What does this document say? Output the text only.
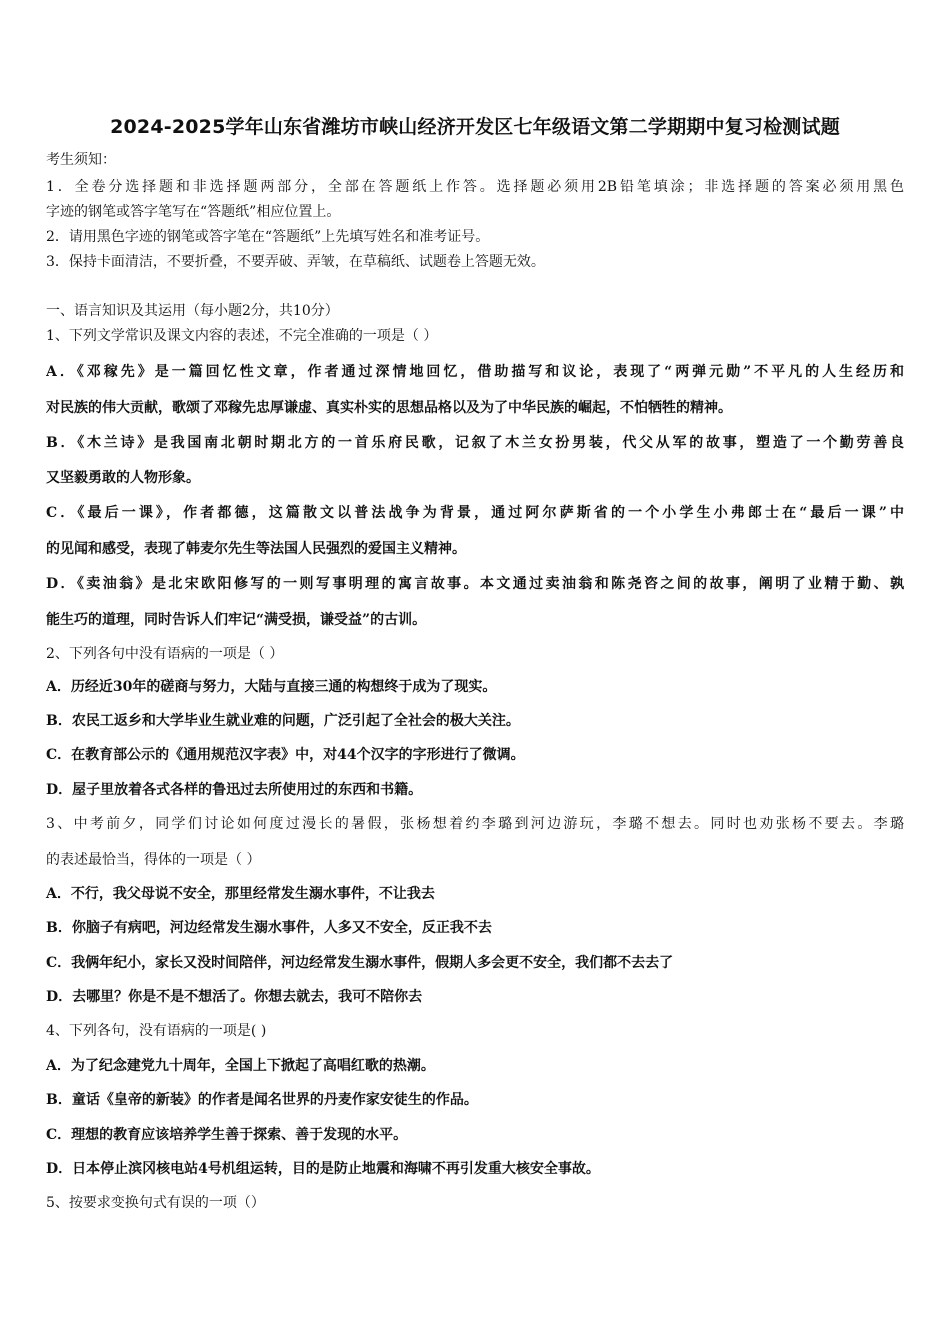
2024-2025学年山东省潍坊市峡山经济开发区七年级语文第二学期期中复习检测试题
考生须知：
1．全卷分选择题和非选择题两部分，全部在答题纸上作答。选择题必须用2B铅笔填涂；非选择题的答案必须用黑色
字迹的钢笔或答字笔写在“答题纸”相应位置上。
2．请用黑色字迹的钢笔或答字笔在“答题纸”上先填写姓名和准考证号。
3．保持卡面清洁，不要折叠，不要弄破、弄皱，在草稿纸、试题卷上答题无效。
一、语言知识及其运用（每小题2分，共10分）
1、下列文学常识及课文内容的表述，不完全准确的一项是（ ）
A．《邓稼先》是一篇回忆性文章，作者通过深情地回忆，借助描写和议论，表现了“两弹元勋”不平凡的人生经历和
对民族的伟大贡献，歌颂了邓稼先忠厚谦虚、真实朴实的思想品格以及为了中华民族的崛起，不怕牺牲的精神。
B．《木兰诗》是我国南北朝时期北方的一首乐府民歌，记叙了木兰女扮男装，代父从军的故事，塑造了一个勤劳善良
又坚毅勇敢的人物形象。
C．《最后一课》，作者都德，这篇散文以普法战争为背景，通过阿尔萨斯省的一个小学生小弗郎士在“最后一课”中
的见闻和感受，表现了韩麦尔先生等法国人民强烈的爱国主义精神。
D．《卖油翁》是北宋欧阳修写的一则写事明理的寓言故事。本文通过卖油翁和陈尧咨之间的故事，阐明了业精于勤、孰
能生巧的道理，同时告诉人们牢记“满受损，谦受益”的古训。
2、下列各句中没有语病的一项是（ ）
A．历经近30年的磋商与努力，大陆与直接三通的构想终于成为了现实。
B．农民工返乡和大学毕业生就业难的问题，广泛引起了全社会的极大关注。
C．在教育部公示的《通用规范汉字表》中，对44个汉字的字形进行了微调。
D．屋子里放着各式各样的鲁迅过去所使用过的东西和书籍。
3、中考前夕，同学们讨论如何度过漫长的暑假，张杨想着约李璐到河边游玩，李璐不想去。同时也劝张杨不要去。李璐
的表述最恰当，得体的一项是（ ）
A．不行，我父母说不安全，那里经常发生溺水事件，不让我去
B．你脑子有病吧，河边经常发生溺水事件，人多又不安全，反正我不去
C．我俩年纪小，家长又没时间陪伴，河边经常发生溺水事件，假期人多会更不安全，我们都不去去了
D．去哪里？你是不是不想活了。你想去就去，我可不陪你去
4、下列各句，没有语病的一项是( )
A．为了纪念建党九十周年，全国上下掀起了高唱红歌的热潮。
B．童话《皇帝的新装》的作者是闻名世界的丹麦作家安徒生的作品。
C．理想的教育应该培养学生善于探索、善于发现的水平。
D．日本停止滨冈核电站4号机组运转，目的是防止地震和海啸不再引发重大核安全事故。
5、按要求变换句式有误的一项（）
